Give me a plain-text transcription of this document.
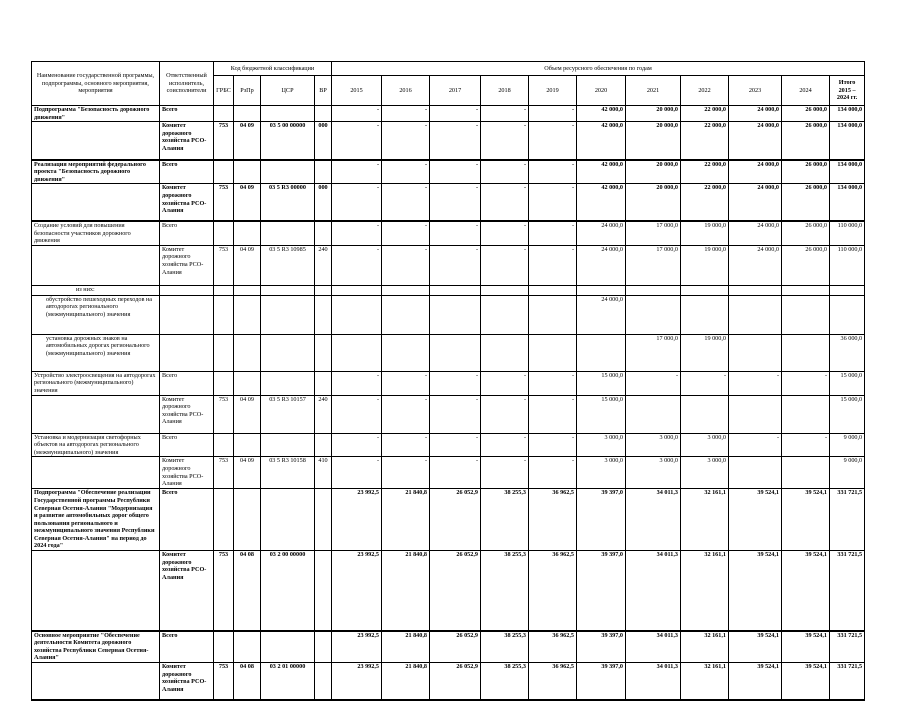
Наименование государственной программы, подпрограммы, основного мероприятия, мероприятия	Ответственный исполнитель, соисполнители	Код бюджетной классификации				Объем ресурсного обеспечения по годам										
		ГРБС	РзПр	ЦСР	ВР	2015	2016	2017	2018	2019	2020	2021	2022	2023	2024	Итого 2015 – 2024 гг.
Подпрограмма "Безопасность дорожного движения"	Всего					-	-	-	-	-	42 000,0	20 000,0	22 000,0	24 000,0	26 000,0	134 000,0
	Комитет дорожного хозяйства РСО-Алания	753	04 09	03 5 00 00000	000	-	-	-	-	-	42 000,0	20 000,0	22 000,0	24 000,0	26 000,0	134 000,0
Реализация мероприятий федерального проекта "Безопасность дорожного движения"	Всего					-	-	-	-	-	42 000,0	20 000,0	22 000,0	24 000,0	26 000,0	134 000,0
	Комитет дорожного хозяйства РСО-Алания	753	04 09	03 5 R3 00000	000	-	-	-	-	-	42 000,0	20 000,0	22 000,0	24 000,0	26 000,0	134 000,0
Создание условий для повышения безопасности участников дорожного движения	Всего					-	-	-	-	-	24 000,0	17 000,0	19 000,0	24 000,0	26 000,0	110 000,0
	Комитет дорожного хозяйства РСО-Алания	753	04 09	03 5 R3 10985	240	-	-	-	-	-	24 000,0	17 000,0	19 000,0	24 000,0	26 000,0	110 000,0
из них:																
обустройство пешеходных переходов на автодорогах регионального (межмуниципального) значения											24 000,0					
установка дорожных знаков на автомобильных дорогах регионального (межмуниципального) значения												17 000,0	19 000,0			36 000,0
Устройство электроосвещения на автодорогах регионального (межмуниципального) значения	Всего					-	-	-	-	-	15 000,0	-	-	-	-	15 000,0
	Комитет дорожного хозяйства РСО-Алания	753	04 09	03 5 R3 10157	240	-	-	-	-	-	15 000,0					15 000,0
Установка и модернизация светофорных объектов на автодорогах регионального (межмуниципального) значения	Всего					-	-	-	-	-	3 000,0	3 000,0	3 000,0	-	-	9 000,0
	Комитет дорожного хозяйства РСО-Алания	753	04 09	03 5 R3 10158	410	-	-	-	-	-	3 000,0	3 000,0	3 000,0			9 000,0
Подпрограмма "Обеспечение реализации Государственной программы Республики Северная Осетия-Алания "Модернизация и развитие автомобильных дорог общего пользования регионального и межмуниципального значения Республики Северная Осетия-Алания" на период до 2024 года"	Всего					23 992,5	21 840,8	26 052,9	38 255,3	36 962,5	39 397,0	34 011,3	32 161,1	39 524,1	39 524,1	331 721,5
	Комитет дорожного хозяйства РСО-Алания	753	04 08	03 2 00 00000		23 992,5	21 840,8	26 052,9	38 255,3	36 962,5	39 397,0	34 011,3	32 161,1	39 524,1	39 524,1	331 721,5
Основное мероприятие "Обеспечение деятельности Комитета дорожного хозяйства Республики Северная Осетия-Алания"	Всего					23 992,5	21 840,8	26 052,9	38 255,3	36 962,5	39 397,0	34 011,3	32 161,1	39 524,1	39 524,1	331 721,5
	Комитет дорожного хозяйства РСО-Алания	753	04 08	03 2 01 00000		23 992,5	21 840,8	26 052,9	38 255,3	36 962,5	39 397,0	34 011,3	32 161,1	39 524,1	39 524,1	331 721,5
